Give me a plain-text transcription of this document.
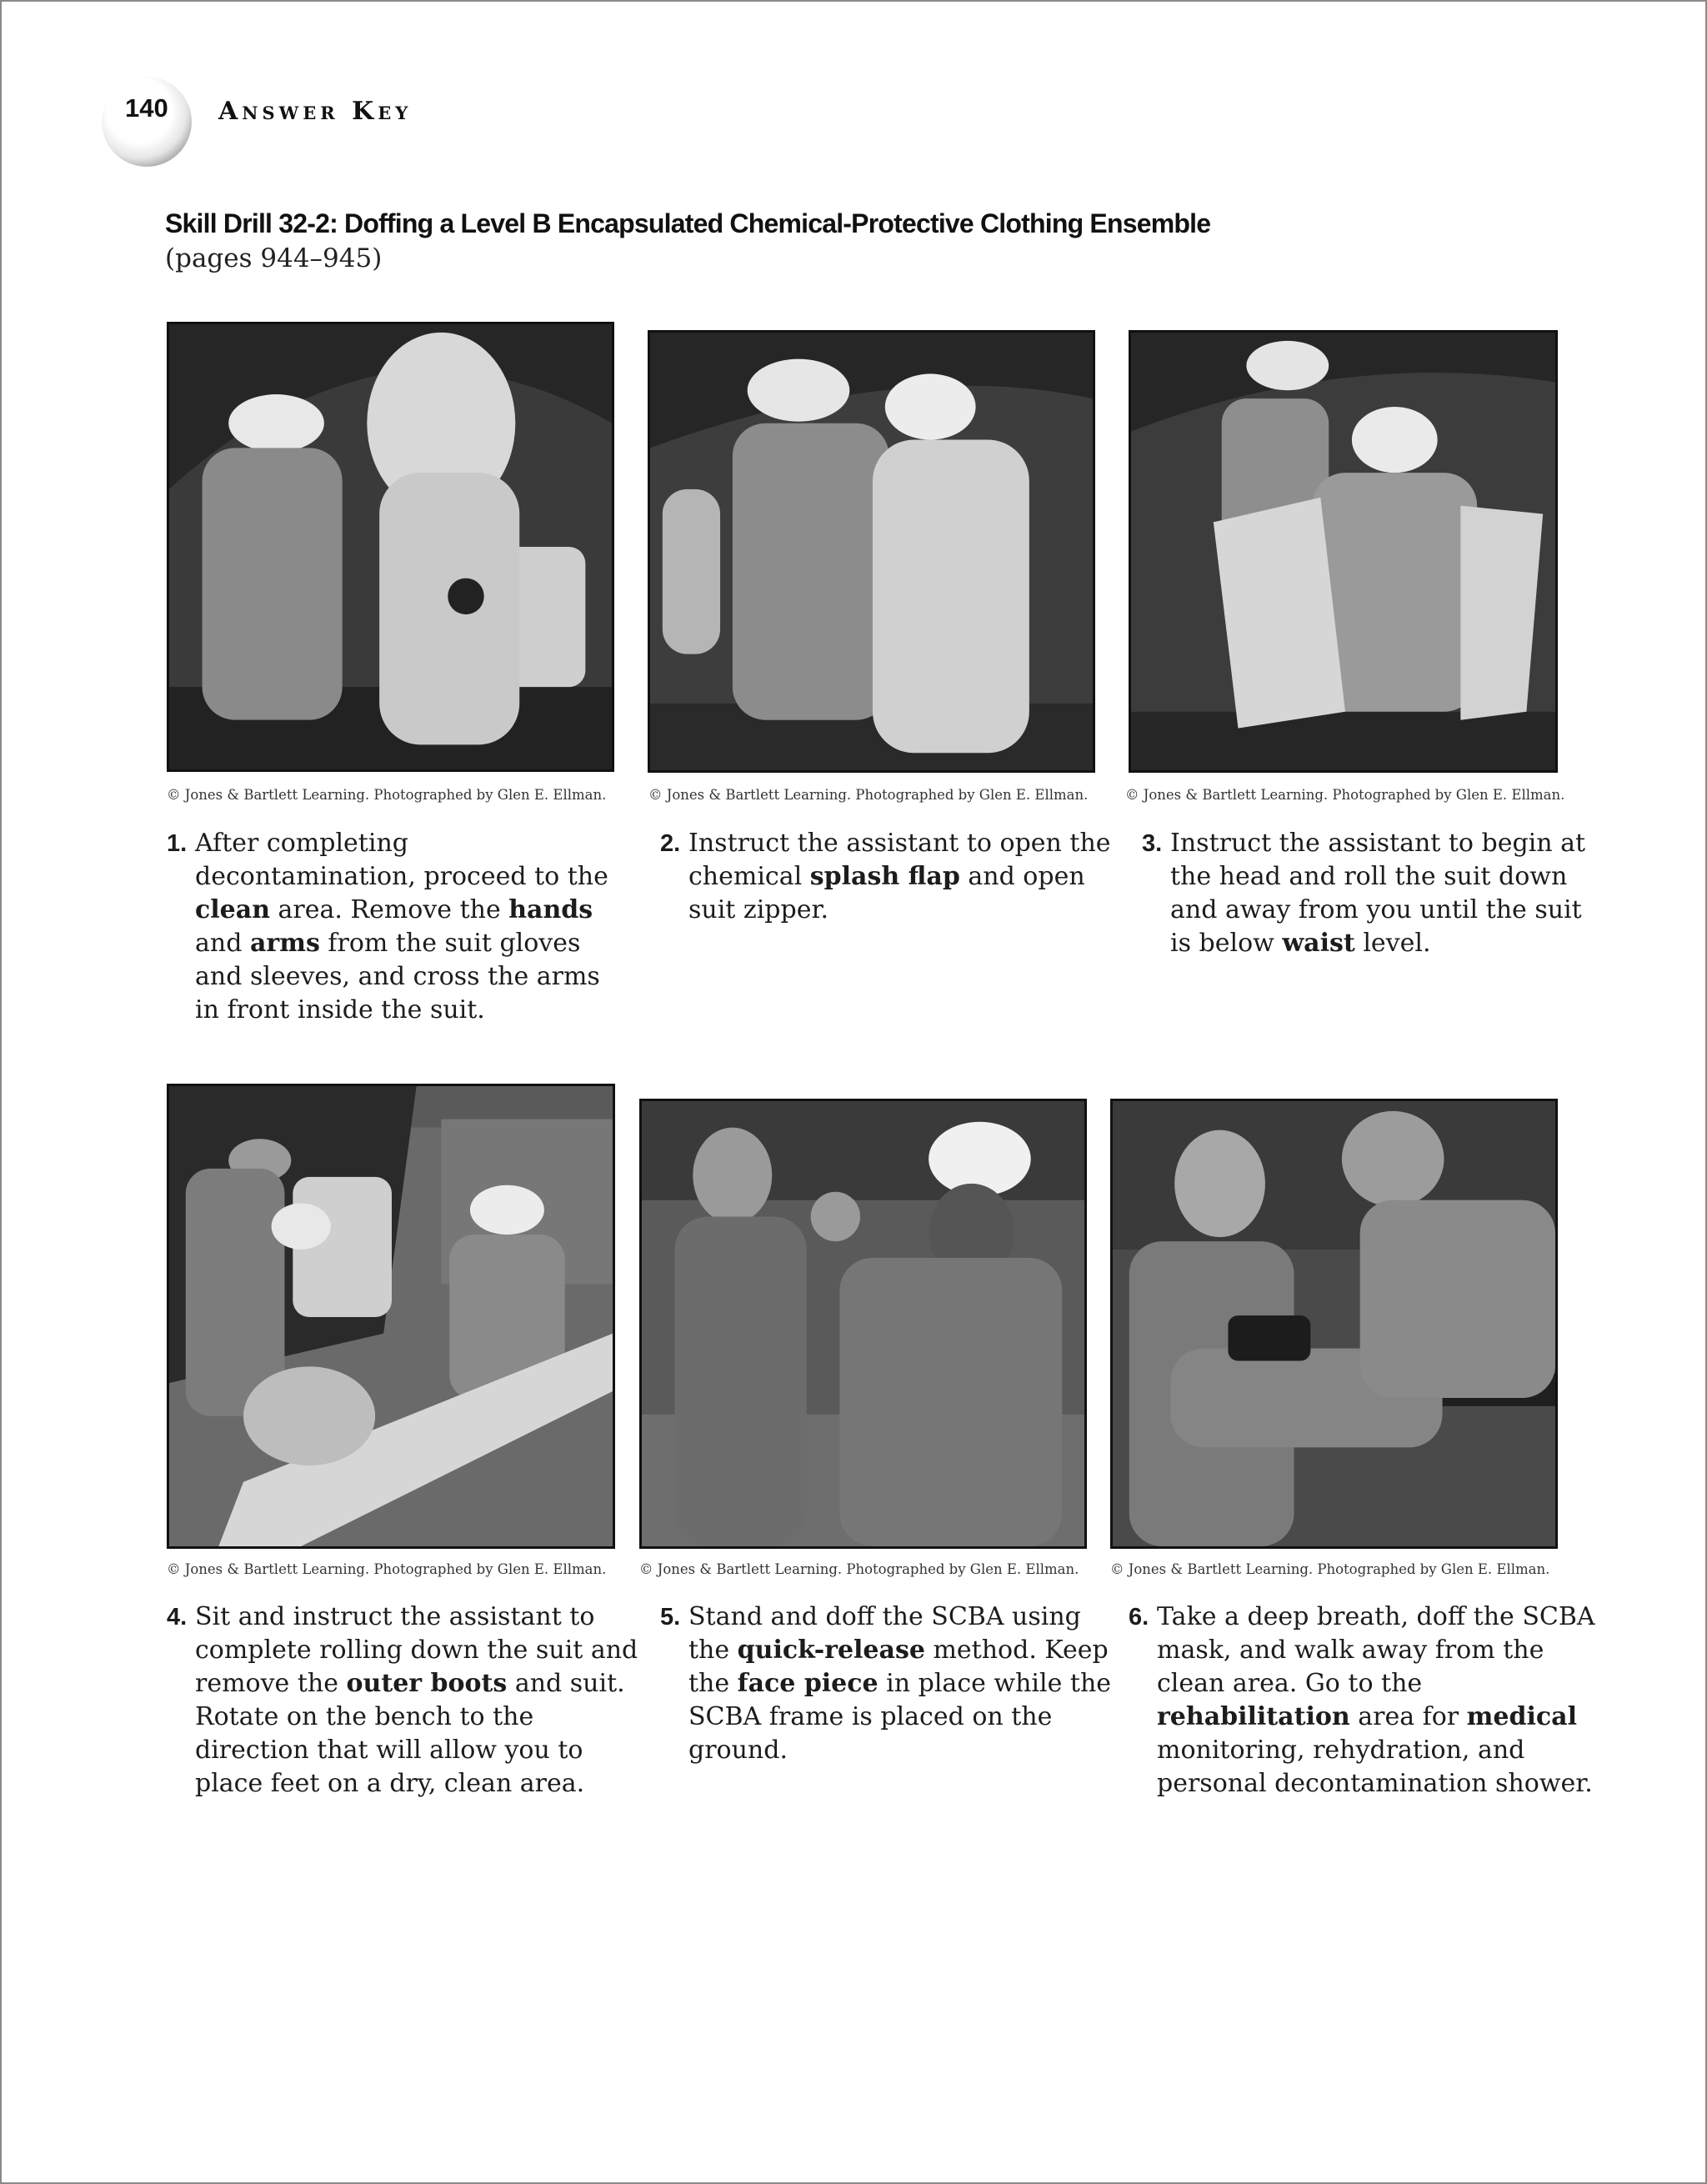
140 Answer Key
Skill Drill 32-2: Doffing a Level B Encapsulated Chemical-Protective Clothing Ensemble
(pages 944–945)
© Jones & Bartlett Learning. Photographed by Glen E. Ellman.	© Jones & Bartlett Learning. Photographed by Glen E. Ellman.	© Jones & Bartlett Learning. Photographed by Glen E. Ellman.
1. After completing decontamination, proceed to the clean area. Remove the hands and arms from the suit gloves and sleeves, and cross the arms in front inside the suit.
2. Instruct the assistant to open the chemical splash flap and open suit zipper.
3. Instruct the assistant to begin at the head and roll the suit down and away from you until the suit is below waist level.
© Jones & Bartlett Learning. Photographed by Glen E. Ellman. © Jones & Bartlett Learning. Photographed by Glen E. Ellman. © Jones & Bartlett Learning. Photographed by Glen E. Ellman.
4. Sit and instruct the assistant to complete rolling down the suit and remove the outer boots and suit. Rotate on the bench to the direction that will allow you to place feet on a dry, clean area.
5. Stand and doff the SCBA using the quick-release method. Keep the face piece in place while the SCBA frame is placed on the ground.
6. Take a deep breath, doff the SCBA mask, and walk away from the clean area. Go to the rehabilitation area for medical monitoring, rehydration, and personal decontamination shower.
